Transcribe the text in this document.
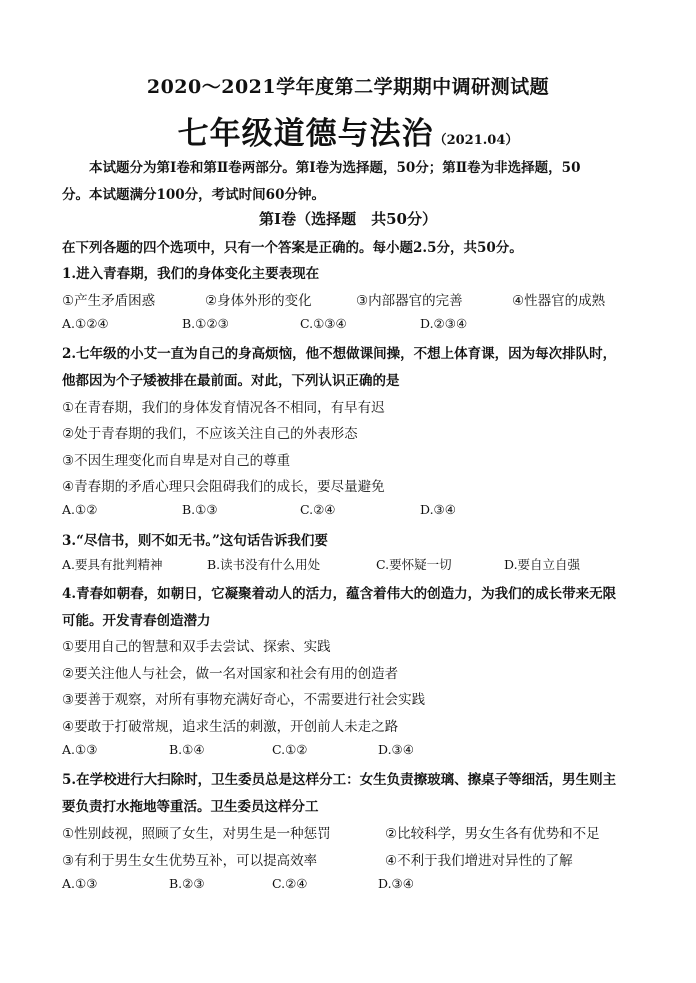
2020～2021学年度第二学期期中调研测试题
七年级道德与法治（2021.04）
本试题分为第Ⅰ卷和第Ⅱ卷两部分。第Ⅰ卷为选择题，50分；第Ⅱ卷为非选择题，50
分。本试题满分100分，考试时间60分钟。
第Ⅰ卷（选择题　共50分）
在下列各题的四个选项中，只有一个答案是正确的。每小题2.5分，共50分。
1.进入青春期，我们的身体变化主要表现在
①产生矛盾困惑	②身体外形的变化	③内部器官的完善	④性器官的成熟
A.①②④	B.①②③	C.①③④	D.②③④
2.七年级的小艾一直为自己的身高烦恼，他不想做课间操，不想上体育课，因为每次排队时，
他都因为个子矮被排在最前面。对此，下列认识正确的是
①在青春期，我们的身体发育情况各不相同，有早有迟
②处于青春期的我们，不应该关注自己的外表形态
③不因生理变化而自卑是对自己的尊重
④青春期的矛盾心理只会阻碍我们的成长，要尽量避免
A.①②	B.①③	C.②④	D.③④
3.“尽信书，则不如无书。”这句话告诉我们要
A.要具有批判精神	B.读书没有什么用处	C.要怀疑一切	D.要自立自强
4.青春如朝春，如朝日，它凝聚着动人的活力，蕴含着伟大的创造力，为我们的成长带来无限
可能。开发青春创造潜力
①要用自己的智慧和双手去尝试、探索、实践
②要关注他人与社会，做一名对国家和社会有用的创造者
③要善于观察，对所有事物充满好奇心，不需要进行社会实践
④要敢于打破常规，追求生活的刺激，开创前人未走之路
A.①③	B.①④	C.①②	D.③④
5.在学校进行大扫除时，卫生委员总是这样分工：女生负责擦玻璃、擦桌子等细活，男生则主
要负责打水拖地等重活。卫生委员这样分工
①性别歧视，照顾了女生，对男生是一种惩罚	②比较科学，男女生各有优势和不足
③有利于男生女生优势互补，可以提高效率	④不利于我们增进对异性的了解
A.①③	B.②③	C.②④	D.③④
